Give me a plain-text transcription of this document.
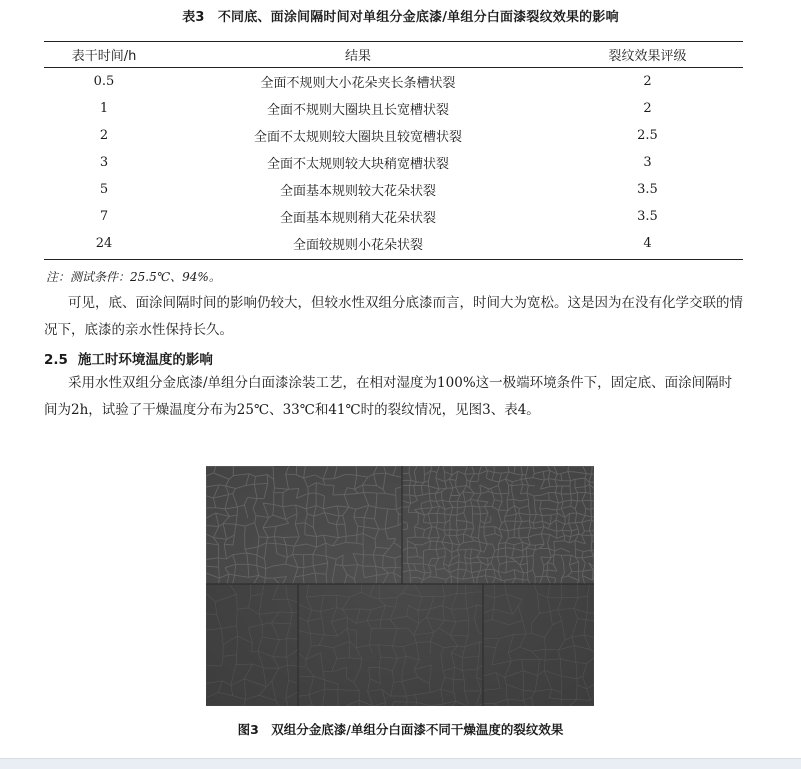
表3　不同底、面涂间隔时间对单组分金底漆/单组分白面漆裂纹效果的影响
表干时间/h	结果	裂纹效果评级
0.5	全面不规则大小花朵夹长条槽状裂	2
1	全面不规则大圈块且长宽槽状裂	2
2	全面不太规则较大圈块且较宽槽状裂	2.5
3	全面不太规则较大块稍宽槽状裂	3
5	全面基本规则较大花朵状裂	3.5
7	全面基本规则稍大花朵状裂	3.5
24	全面较规则小花朵状裂	4
注：测试条件：25.5℃、94%。
可见，底、面涂间隔时间的影响仍较大，但较水性双组分底漆而言，时间大为宽松。这是因为在没有化学交联的情况下，底漆的亲水性保持长久。
2.5 施工时环境温度的影响
采用水性双组分金底漆/单组分白面漆涂装工艺，在相对湿度为100%这一极端环境条件下，固定底、面涂间隔时间为2h，试验了干燥温度分布为25℃、33℃和41℃时的裂纹情况，见图3、表4。
图3　双组分金底漆/单组分白面漆不同干燥温度的裂纹效果
